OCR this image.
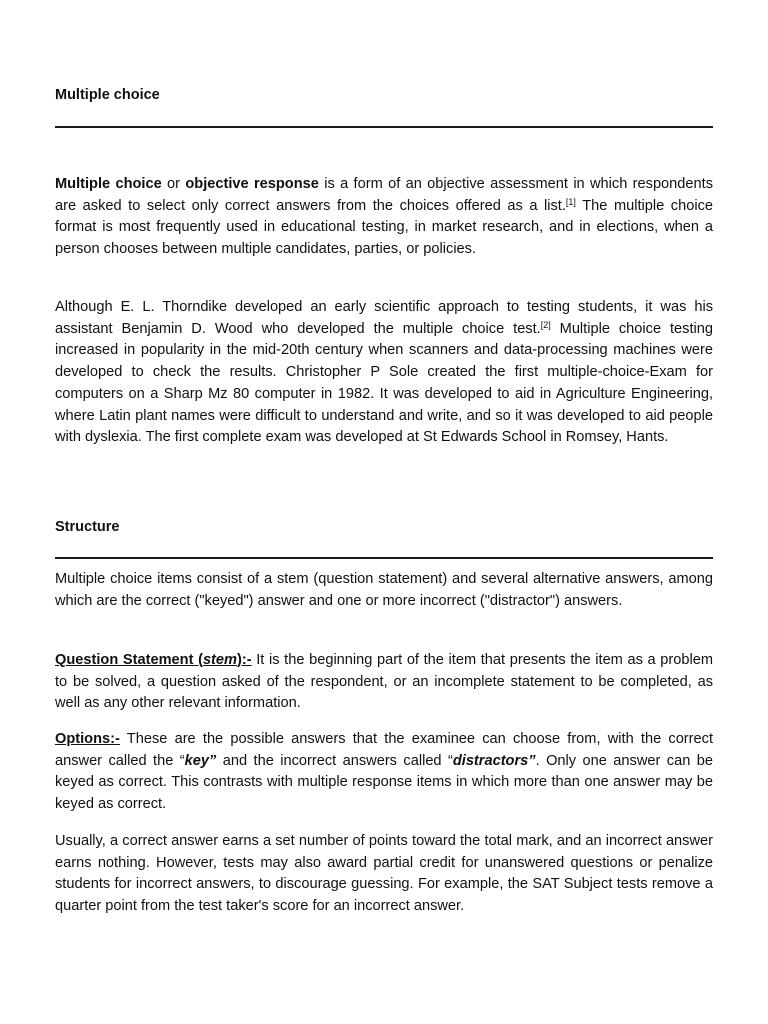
Multiple choice

Multiple choice or objective response is a form of an objective assessment in which respondents are asked to select only correct answers from the choices offered as a list.[1] The multiple choice format is most frequently used in educational testing, in market research, and in elections, when a person chooses between multiple candidates, parties, or policies.

Although E. L. Thorndike developed an early scientific approach to testing students, it was his assistant Benjamin D. Wood who developed the multiple choice test.[2] Multiple choice testing increased in popularity in the mid-20th century when scanners and data-processing machines were developed to check the results. Christopher P Sole created the first multiple-choice-Exam for computers on a Sharp Mz 80 computer in 1982. It was developed to aid in Agriculture Engineering, where Latin plant names were difficult to understand and write, and so it was developed to aid people with dyslexia. The first complete exam was developed at St Edwards School in Romsey, Hants.

Structure

Multiple choice items consist of a stem (question statement) and several alternative answers, among which are the correct ("keyed") answer and one or more incorrect ("distractor") answers.

Question Statement (stem):- It is the beginning part of the item that presents the item as a problem to be solved, a question asked of the respondent, or an incomplete statement to be completed, as well as any other relevant information.

Options:- These are the possible answers that the examinee can choose from, with the correct answer called the “key” and the incorrect answers called “distractors”. Only one answer can be keyed as correct. This contrasts with multiple response items in which more than one answer may be keyed as correct.

Usually, a correct answer earns a set number of points toward the total mark, and an incorrect answer earns nothing. However, tests may also award partial credit for unanswered questions or penalize students for incorrect answers, to discourage guessing. For example, the SAT Subject tests remove a quarter point from the test taker's score for an incorrect answer.
